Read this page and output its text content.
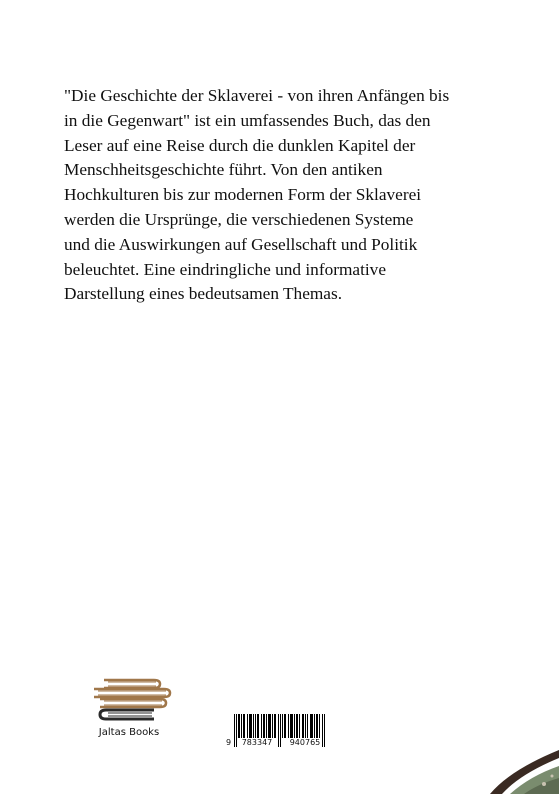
"Die Geschichte der Sklaverei - von ihren Anfängen bis
in die Gegenwart" ist ein umfassendes Buch, das den
Leser auf eine Reise durch die dunklen Kapitel der
Menschheitsgeschichte führt. Von den antiken
Hochkulturen bis zur modernen Form der Sklaverei
werden die Ursprünge, die verschiedenen Systeme
und die Auswirkungen auf Gesellschaft und Politik
beleuchtet. Eine eindringliche und informative
Darstellung eines bedeutsamen Themas.

Jaltas Books
9	783347	940765
